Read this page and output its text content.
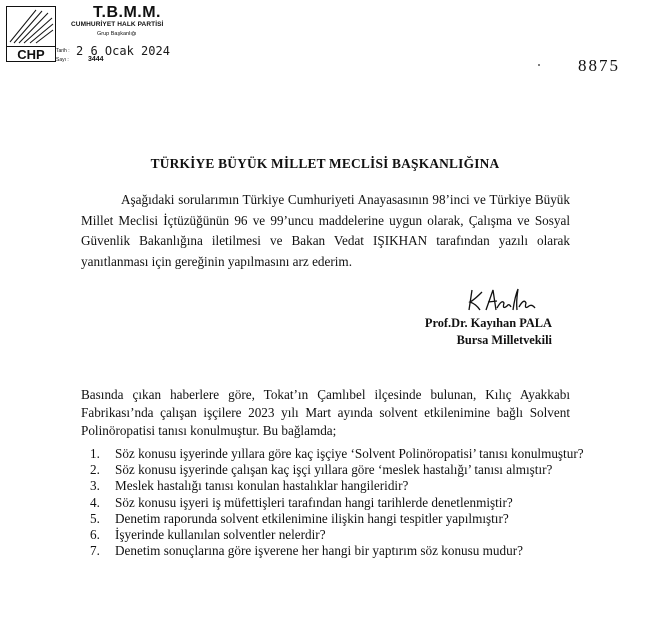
CHP
T.B.M.M.
CUMHURİYET HALK PARTİSİ
Grup Başkanlığı
Tarih :
Sayı :
2 6 Ocak 2024
3444	8875
TÜRKİYE BÜYÜK MİLLET MECLİSİ BAŞKANLIĞINA

Aşağıdaki sorularımın Türkiye Cumhuriyeti Anayasasının 98’inci ve Türkiye Büyük Millet Meclisi İçtüzüğünün 96 ve 99’uncu maddelerine uygun olarak, Çalışma ve Sosyal Güvenlik Bakanlığına iletilmesi ve Bakan Vedat IŞIKHAN tarafından yazılı olarak yanıtlanması için gereğinin yapılmasını arz ederim.

Prof.Dr. Kayıhan PALA
Bursa Milletvekili

Basında çıkan haberlere göre, Tokat’ın Çamlıbel ilçesinde bulunan, Kılıç Ayakkabı Fabrikası’nda çalışan işçilere 2023 yılı Mart ayında solvent etkilenimine bağlı Solvent Polinöropatisi tanısı konulmuştur. Bu bağlamda;

1. Söz konusu işyerinde yıllara göre kaç işçiye ‘Solvent Polinöropatisi’ tanısı konulmuştur?
2. Söz konusu işyerinde çalışan kaç işçi yıllara göre ‘meslek hastalığı’ tanısı almıştır?
3. Meslek hastalığı tanısı konulan hastalıklar hangileridir?
4. Söz konusu işyeri iş müfettişleri tarafından hangi tarihlerde denetlenmiştir?
5. Denetim raporunda solvent etkilenimine ilişkin hangi tespitler yapılmıştır?
6. İşyerinde kullanılan solventler nelerdir?
7. Denetim sonuçlarına göre işverene her hangi bir yaptırım söz konusu mudur?
